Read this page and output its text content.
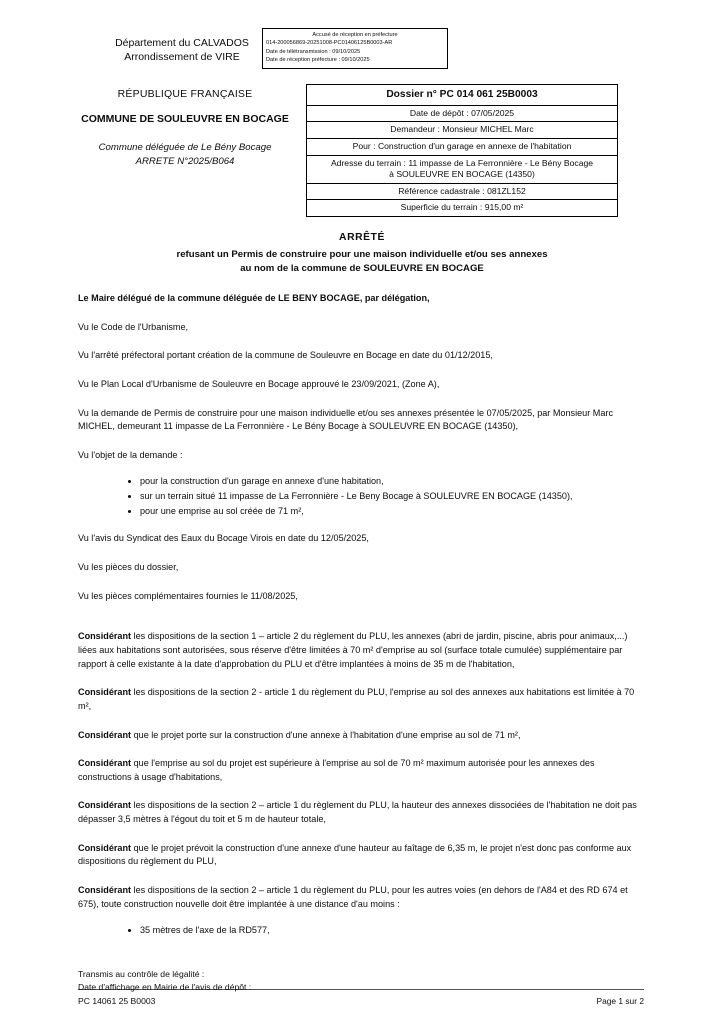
Département du CALVADOS
Arrondissement de VIRE
Accusé de réception en préfecture
014-200056869-20251008-PC01406125B0003-AR
Date de télétransmission : 09/10/2025
Date de réception préfecture : 09/10/2025
RÉPUBLIQUE FRANÇAISE
COMMUNE DE SOULEUVRE EN BOCAGE
Commune déléguée de Le Bény Bocage
ARRETE N°2025/B064
Dossier n° PC 014 061 25B0003
Date de dépôt : 07/05/2025
Demandeur : Monsieur MICHEL Marc
Pour : Construction d'un garage en annexe de l'habitation
Adresse du terrain : 11 impasse de La Ferronnière - Le Bény Bocage
à SOULEUVRE EN BOCAGE (14350)
Référence cadastrale : 081ZL152
Superficie du terrain : 915,00 m²
ARRÊTÉ
refusant un Permis de construire pour une maison individuelle et/ou ses annexes
au nom de la commune de SOULEUVRE EN BOCAGE

Le Maire délégué de la commune déléguée de LE BENY BOCAGE, par délégation,

Vu le Code de l'Urbanisme,

Vu l'arrêté préfectoral portant création de la commune de Souleuvre en Bocage en date du 01/12/2015,

Vu le Plan Local d'Urbanisme de Souleuvre en Bocage approuvé le 23/09/2021, (Zone A),

Vu la demande de Permis de construire pour une maison individuelle et/ou ses annexes présentée le 07/05/2025, par Monsieur Marc MICHEL, demeurant 11 impasse de La Ferronnière - Le Bény Bocage à SOULEUVRE EN BOCAGE (14350),

Vu l'objet de la demande :

pour la construction d'un garage en annexe d'une habitation,
sur un terrain situé 11 impasse de La Ferronnière - Le Beny Bocage à SOULEUVRE EN BOCAGE (14350),
pour une emprise au sol créée de 71 m²,

Vu l'avis du Syndicat des Eaux du Bocage Virois en date du 12/05/2025,

Vu les pièces du dossier,

Vu les pièces complémentaires fournies le 11/08/2025,

Considérant les dispositions de la section 1 – article 2 du règlement du PLU, les annexes (abri de jardin, piscine, abris pour animaux,...) liées aux habitations sont autorisées, sous réserve d'être limitées à 70 m² d'emprise au sol (surface totale cumulée) supplémentaire par rapport à celle existante à la date d'approbation du PLU et d'être implantées à moins de 35 m de l'habitation,

Considérant les dispositions de la section 2 - article 1 du règlement du PLU, l'emprise au sol des annexes aux habitations est limitée à 70 m²,

Considérant que le projet porte sur la construction d'une annexe à l'habitation d'une emprise au sol de 71 m²,

Considérant que l'emprise au sol du projet est supérieure à l'emprise au sol de 70 m² maximum autorisée pour les annexes des constructions à usage d'habitations,

Considérant les dispositions de la section 2 – article 1 du règlement du PLU, la hauteur des annexes dissociées de l'habitation ne doit pas dépasser 3,5 mètres à l'égout du toit et 5 m de hauteur totale,

Considérant que le projet prévoit la construction d'une annexe d'une hauteur au faîtage de 6,35 m, le projet n'est donc pas conforme aux dispositions du règlement du PLU,

Considérant les dispositions de la section 2 – article 1 du règlement du PLU, pour les autres voies (en dehors de l'A84 et des RD 674 et 675), toute construction nouvelle doit être implantée à une distance d'au moins :

35 mètres de l'axe de la RD577,
Transmis au contrôle de légalité :
Date d'affichage en Mairie de l'avis de dépôt :
PC 14061 25 B0003	Page 1 sur 2
